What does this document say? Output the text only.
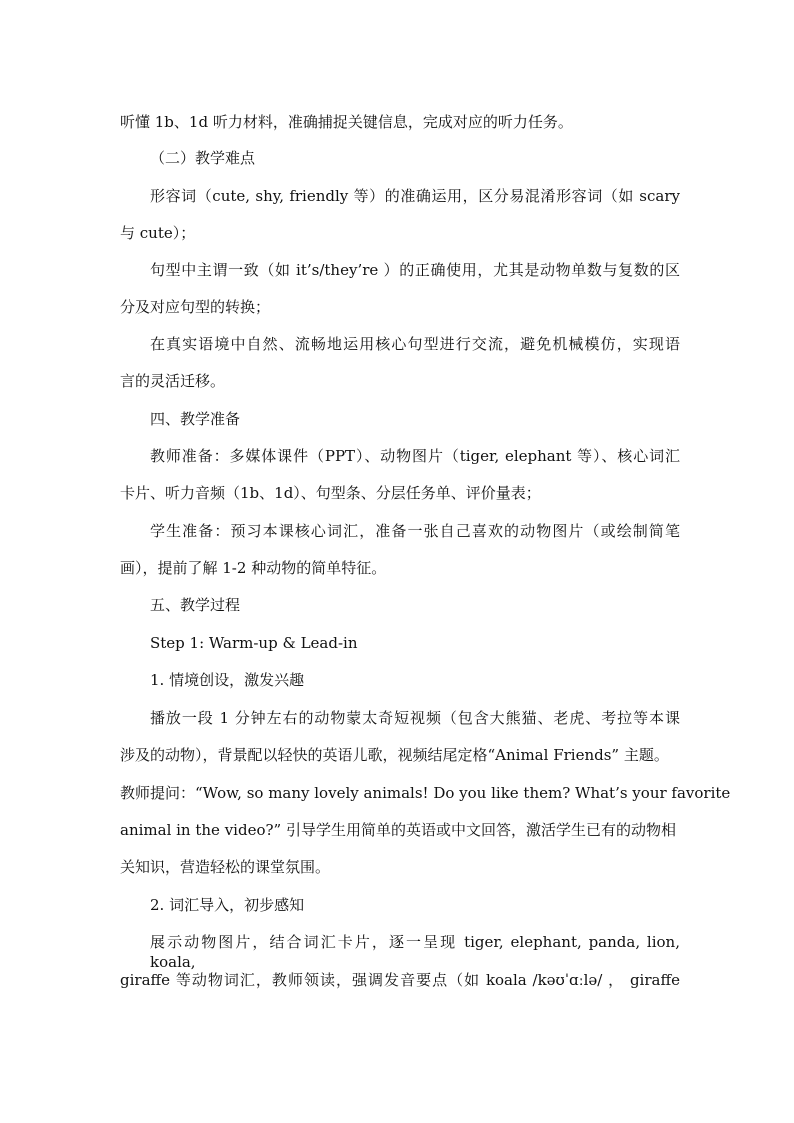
听懂 1b、1d 听力材料，准确捕捉关键信息，完成对应的听力任务。
（二）教学难点
形容词（cute, shy, friendly 等）的准确运用，区分易混淆形容词（如 scary
与 cute）；
句型中主谓一致（如 it’s/they’re ）的正确使用，尤其是动物单数与复数的区
分及对应句型的转换；
在真实语境中自然、流畅地运用核心句型进行交流，避免机械模仿，实现语
言的灵活迁移。
四、教学准备
教师准备：多媒体课件（PPT）、动物图片（tiger, elephant 等）、核心词汇
卡片、听力音频（1b、1d）、句型条、分层任务单、评价量表；
学生准备：预习本课核心词汇，准备一张自己喜欢的动物图片（或绘制简笔
画），提前了解 1-2 种动物的简单特征。
五、教学过程
Step 1: Warm-up & Lead-in
1. 情境创设，激发兴趣
播放一段 1 分钟左右的动物蒙太奇短视频（包含大熊猫、老虎、考拉等本课
涉及的动物），背景配以轻快的英语儿歌，视频结尾定格“Animal Friends” 主题。
教师提问：“Wow, so many lovely animals! Do you like them? What’s your favorite
animal in the video?” 引导学生用简单的英语或中文回答，激活学生已有的动物相
关知识，营造轻松的课堂氛围。
2. 词汇导入，初步感知
展示动物图片，结合词汇卡片，逐一呈现 tiger, elephant, panda, lion, koala,
giraffe 等动物词汇，教师领读，强调发音要点（如 koala /kəʊˈɑːlə/ ， giraffe
